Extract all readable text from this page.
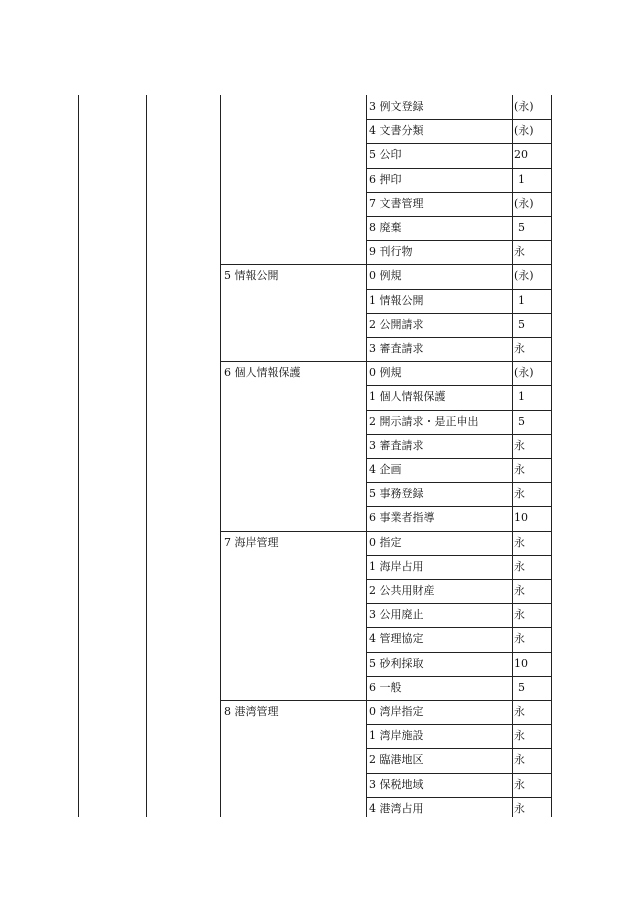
3 例文登録	(永)
4 文書分類	(永)
5 公印	20
6 押印	1
7 文書管理	(永)
8 廃棄	5
9 刊行物	永
5 情報公開	0 例規	(永)
1 情報公開	1
2 公開請求	5
3 審査請求	永
6 個人情報保護	0 例規	(永)
1 個人情報保護	1
2 開示請求・是正申出	5
3 審査請求	永
4 企画	永
5 事務登録	永
6 事業者指導	10
7 海岸管理	0 指定	永
1 海岸占用	永
2 公共用財産	永
3 公用廃止	永
4 管理協定	永
5 砂利採取	10
6 一般	5
8 港湾管理	0 湾岸指定	永
1 湾岸施設	永
2 臨港地区	永
3 保税地域	永
4 港湾占用	永
